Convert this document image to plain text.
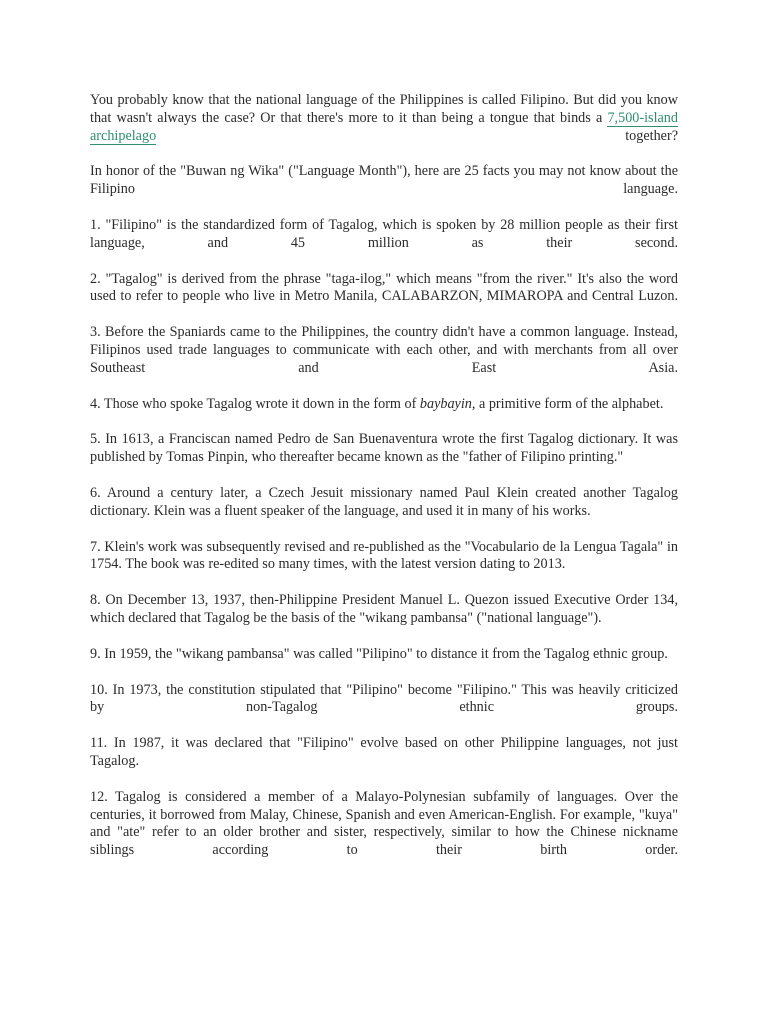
You probably know that the national language of the Philippines is called Filipino. But did you know that wasn't always the case? Or that there's more to it than being a tongue that binds a 7,500-island archipelago together?

In honor of the "Buwan ng Wika" ("Language Month"), here are 25 facts you may not know about the Filipino language.

1. "Filipino" is the standardized form of Tagalog, which is spoken by 28 million people as their first language, and 45 million as their second.

2. "Tagalog" is derived from the phrase "taga-ilog," which means "from the river." It's also the word used to refer to people who live in Metro Manila, CALABARZON, MIMAROPA and Central Luzon.

3. Before the Spaniards came to the Philippines, the country didn't have a common language. Instead, Filipinos used trade languages to communicate with each other, and with merchants from all over Southeast and East Asia.

4. Those who spoke Tagalog wrote it down in the form of baybayin, a primitive form of the alphabet.

5. In 1613, a Franciscan named Pedro de San Buenaventura wrote the first Tagalog dictionary. It was published by Tomas Pinpin, who thereafter became known as the "father of Filipino printing."

6. Around a century later, a Czech Jesuit missionary named Paul Klein created another Tagalog dictionary. Klein was a fluent speaker of the language, and used it in many of his works.

7. Klein's work was subsequently revised and re-published as the "Vocabulario de la Lengua Tagala" in 1754. The book was re-edited so many times, with the latest version dating to 2013.

8. On December 13, 1937, then-Philippine President Manuel L. Quezon issued Executive Order 134, which declared that Tagalog be the basis of the "wikang pambansa" ("national language").

9. In 1959, the "wikang pambansa" was called "Pilipino" to distance it from the Tagalog ethnic group.

10. In 1973, the constitution stipulated that "Pilipino" become "Filipino." This was heavily criticized by non-Tagalog ethnic groups.

11. In 1987, it was declared that "Filipino" evolve based on other Philippine languages, not just Tagalog.

12. Tagalog is considered a member of a Malayo-Polynesian subfamily of languages. Over the centuries, it borrowed from Malay, Chinese, Spanish and even American-English. For example, "kuya" and "ate" refer to an older brother and sister, respectively, similar to how the Chinese nickname siblings according to their birth order.
